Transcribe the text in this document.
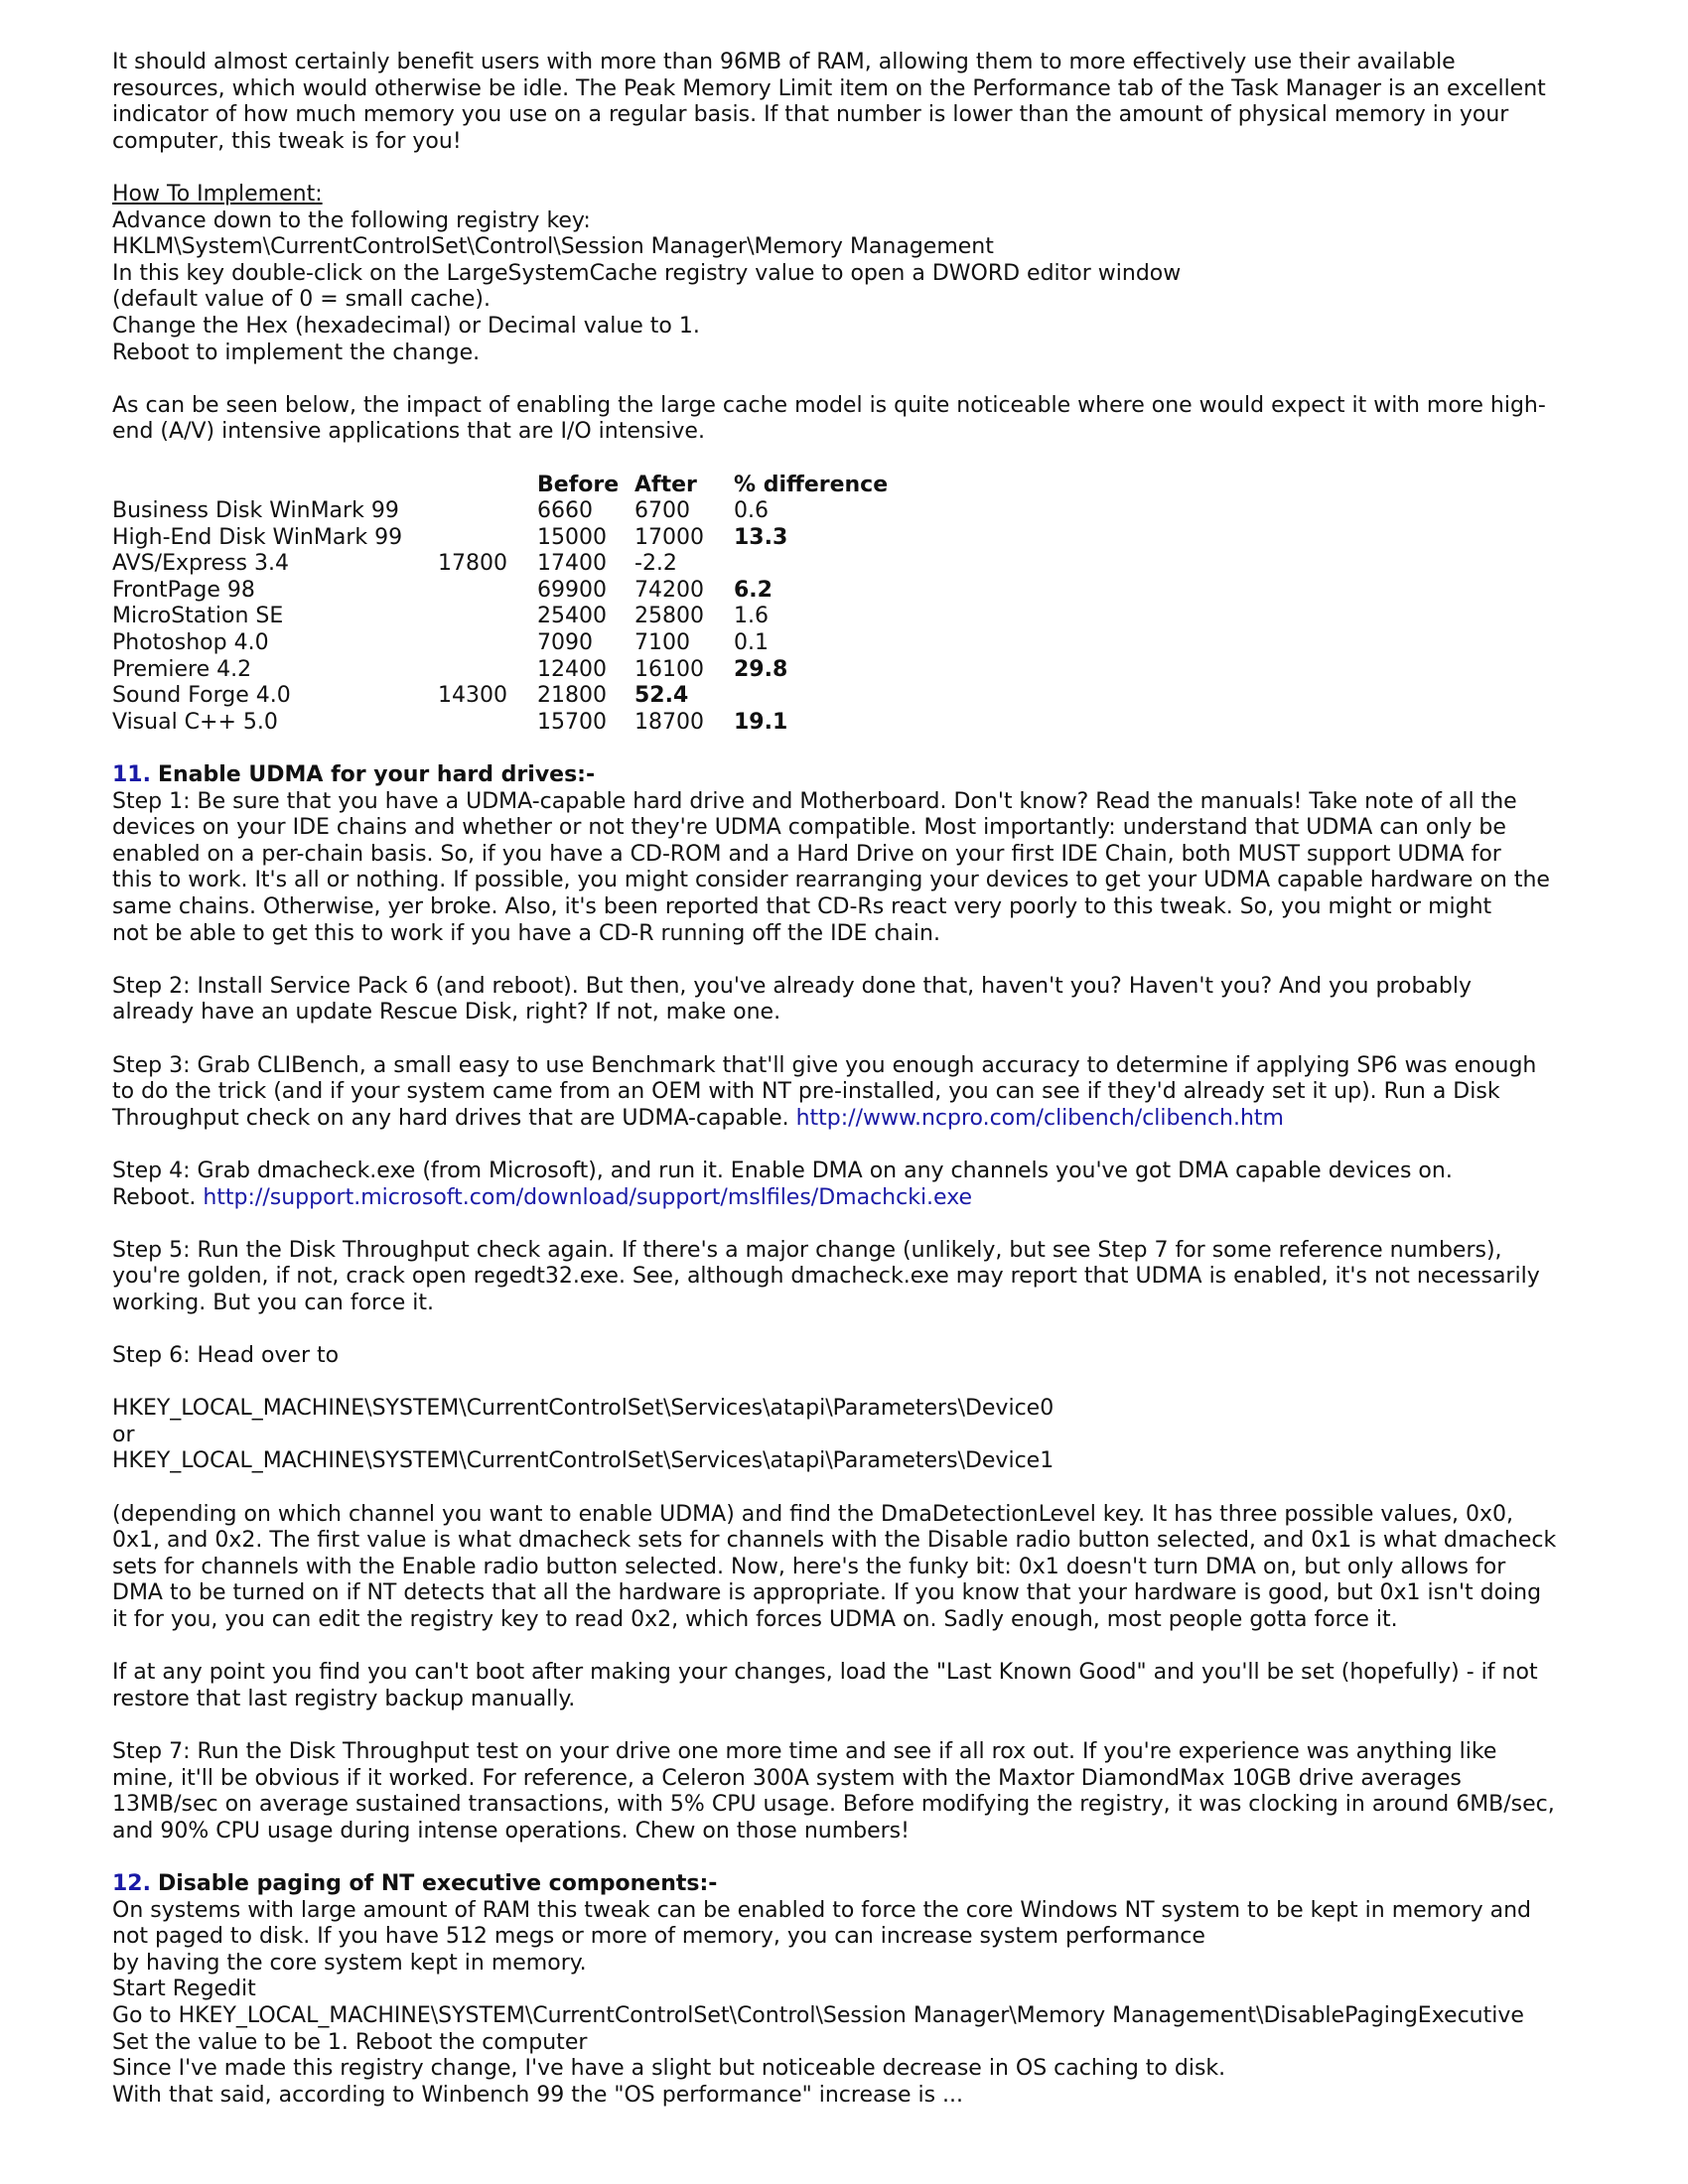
It should almost certainly benefit users with more than 96MB of RAM, allowing them to more effectively use their available
resources, which would otherwise be idle. The Peak Memory Limit item on the Performance tab of the Task Manager is an excellent
indicator of how much memory you use on a regular basis. If that number is lower than the amount of physical memory in your
computer, this tweak is for you!
How To Implement:
Advance down to the following registry key:
HKLM\System\CurrentControlSet\Control\Session Manager\Memory Management
In this key double-click on the LargeSystemCache registry value to open a DWORD editor window
(default value of 0 = small cache).
Change the Hex (hexadecimal) or Decimal value to 1.
Reboot to implement the change.
As can be seen below, the impact of enabling the large cache model is quite noticeable where one would expect it with more high-
end (A/V) intensive applications that are I/O intensive.
		Before	After	% difference
Business Disk WinMark 99		6660	6700	0.6
High-End Disk WinMark 99		15000	17000	13.3
AVS/Express 3.4	17800	17400	-2.2	
FrontPage 98		69900	74200	6.2
MicroStation SE		25400	25800	1.6
Photoshop 4.0		7090	7100	0.1
Premiere 4.2		12400	16100	29.8
Sound Forge 4.0	14300	21800	52.4	
Visual C++ 5.0		15700	18700	19.1
11. Enable UDMA for your hard drives:-
Step 1: Be sure that you have a UDMA-capable hard drive and Motherboard. Don't know? Read the manuals! Take note of all the
devices on your IDE chains and whether or not they're UDMA compatible. Most importantly: understand that UDMA can only be
enabled on a per-chain basis. So, if you have a CD-ROM and a Hard Drive on your first IDE Chain, both MUST support UDMA for
this to work. It's all or nothing. If possible, you might consider rearranging your devices to get your UDMA capable hardware on the
same chains. Otherwise, yer broke. Also, it's been reported that CD-Rs react very poorly to this tweak. So, you might or might
not be able to get this to work if you have a CD-R running off the IDE chain.
Step 2: Install Service Pack 6 (and reboot). But then, you've already done that, haven't you? Haven't you? And you probably
already have an update Rescue Disk, right? If not, make one.
Step 3: Grab CLIBench, a small easy to use Benchmark that'll give you enough accuracy to determine if applying SP6 was enough
to do the trick (and if your system came from an OEM with NT pre-installed, you can see if they'd already set it up). Run a Disk
Throughput check on any hard drives that are UDMA-capable. http://www.ncpro.com/clibench/clibench.htm
Step 4: Grab dmacheck.exe (from Microsoft), and run it. Enable DMA on any channels you've got DMA capable devices on.
Reboot. http://support.microsoft.com/download/support/mslfiles/Dmachcki.exe
Step 5: Run the Disk Throughput check again. If there's a major change (unlikely, but see Step 7 for some reference numbers),
you're golden, if not, crack open regedt32.exe. See, although dmacheck.exe may report that UDMA is enabled, it's not necessarily
working. But you can force it.
Step 6: Head over to
HKEY_LOCAL_MACHINE\SYSTEM\CurrentControlSet\Services\atapi\Parameters\Device0
or
HKEY_LOCAL_MACHINE\SYSTEM\CurrentControlSet\Services\atapi\Parameters\Device1
(depending on which channel you want to enable UDMA) and find the DmaDetectionLevel key. It has three possible values, 0x0,
0x1, and 0x2. The first value is what dmacheck sets for channels with the Disable radio button selected, and 0x1 is what dmacheck
sets for channels with the Enable radio button selected. Now, here's the funky bit: 0x1 doesn't turn DMA on, but only allows for
DMA to be turned on if NT detects that all the hardware is appropriate. If you know that your hardware is good, but 0x1 isn't doing
it for you, you can edit the registry key to read 0x2, which forces UDMA on. Sadly enough, most people gotta force it.
If at any point you find you can't boot after making your changes, load the "Last Known Good" and you'll be set (hopefully) - if not
restore that last registry backup manually.
Step 7: Run the Disk Throughput test on your drive one more time and see if all rox out. If you're experience was anything like
mine, it'll be obvious if it worked. For reference, a Celeron 300A system with the Maxtor DiamondMax 10GB drive averages
13MB/sec on average sustained transactions, with 5% CPU usage. Before modifying the registry, it was clocking in around 6MB/sec,
and 90% CPU usage during intense operations. Chew on those numbers!
12. Disable paging of NT executive components:-
On systems with large amount of RAM this tweak can be enabled to force the core Windows NT system to be kept in memory and
not paged to disk. If you have 512 megs or more of memory, you can increase system performance
by having the core system kept in memory.
Start Regedit
Go to HKEY_LOCAL_MACHINE\SYSTEM\CurrentControlSet\Control\Session Manager\Memory Management\DisablePagingExecutive
Set the value to be 1. Reboot the computer
Since I've made this registry change, I've have a slight but noticeable decrease in OS caching to disk.
With that said, according to Winbench 99 the "OS performance" increase is ...
